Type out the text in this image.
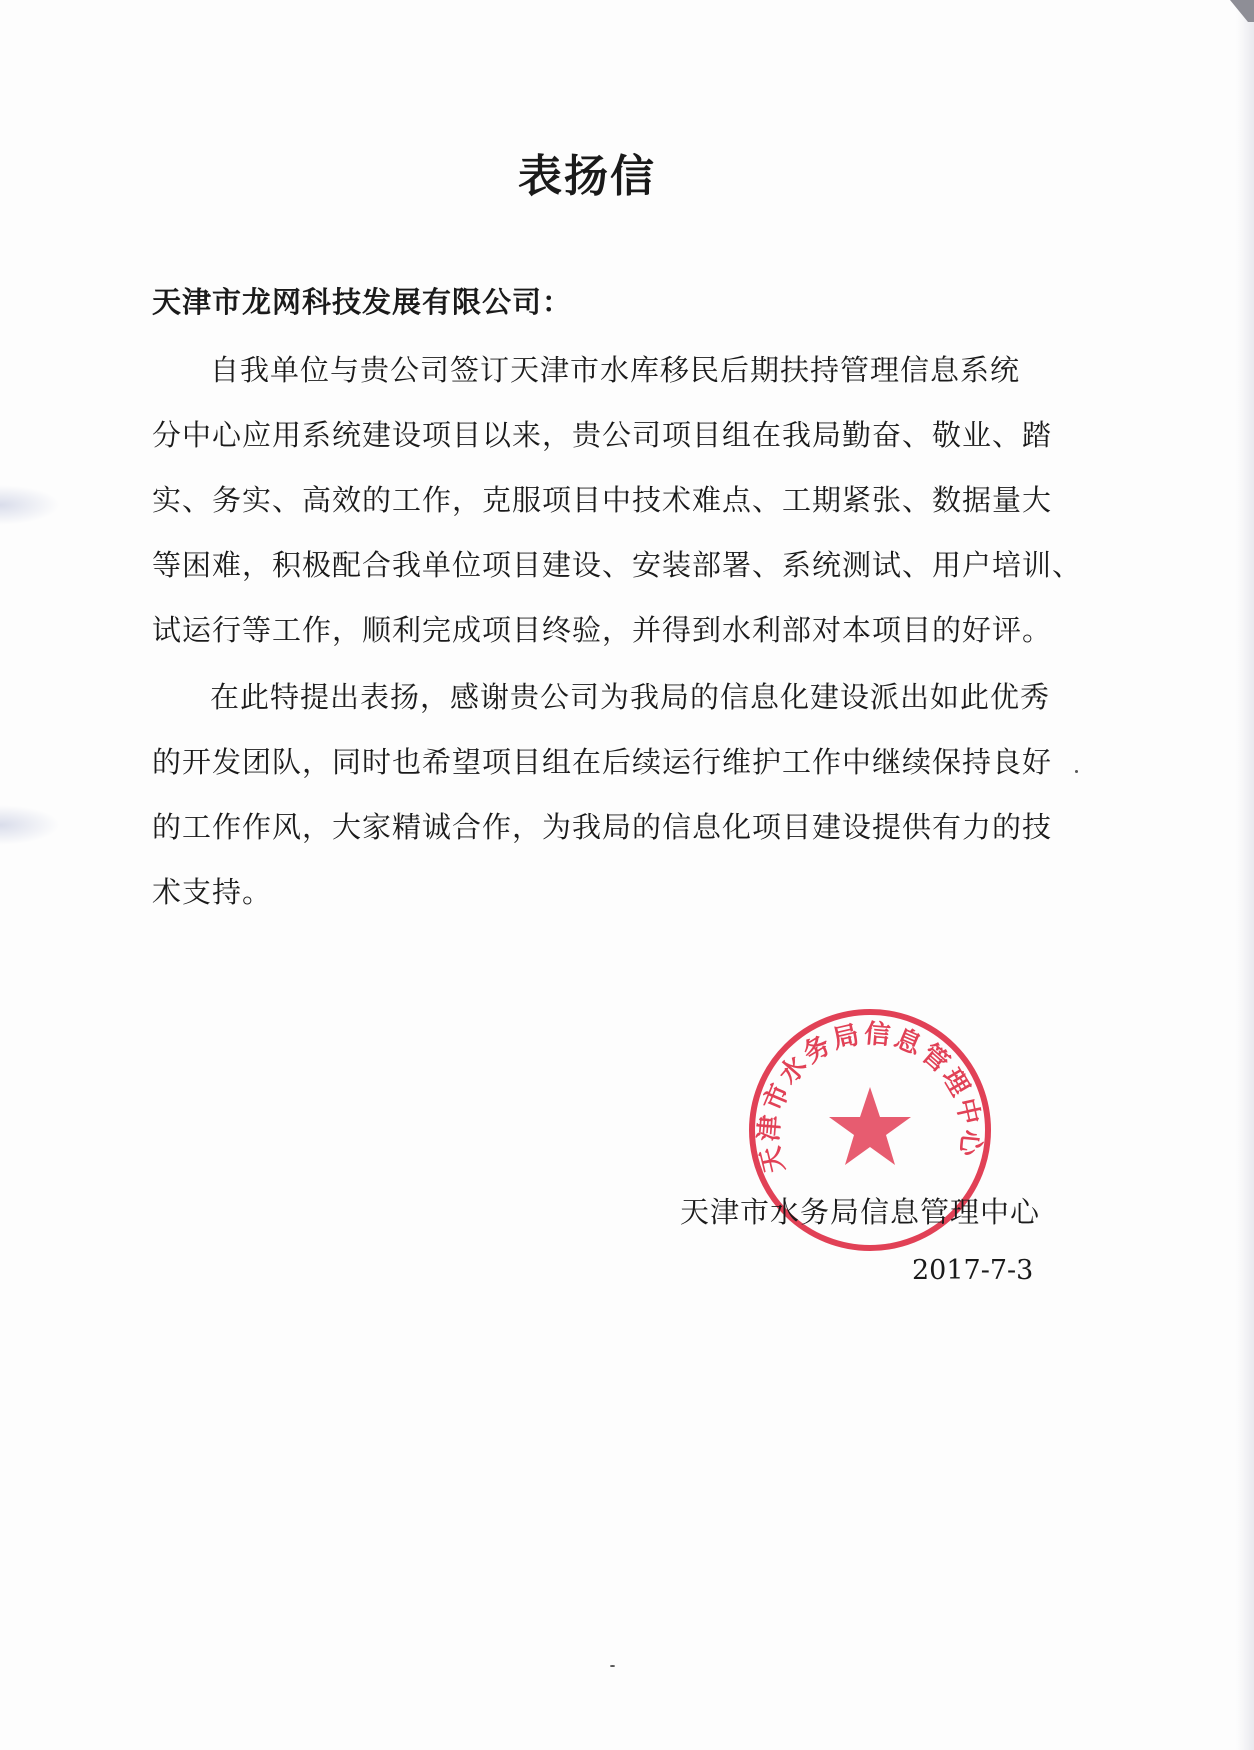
表扬信
天津市龙网科技发展有限公司：
自我单位与贵公司签订天津市水库移民后期扶持管理信息系统
分中心应用系统建设项目以来，贵公司项目组在我局勤奋、敬业、踏
实、务实、高效的工作，克服项目中技术难点、工期紧张、数据量大
等困难，积极配合我单位项目建设、安装部署、系统测试、用户培训、
试运行等工作，顺利完成项目终验，并得到水利部对本项目的好评。
在此特提出表扬，感谢贵公司为我局的信息化建设派出如此优秀
的开发团队，同时也希望项目组在后续运行维护工作中继续保持良好
的工作作风，大家精诚合作，为我局的信息化项目建设提供有力的技
术支持。
天津市水务局信息管理中心
天津市水务局信息管理中心
2017-7-3
